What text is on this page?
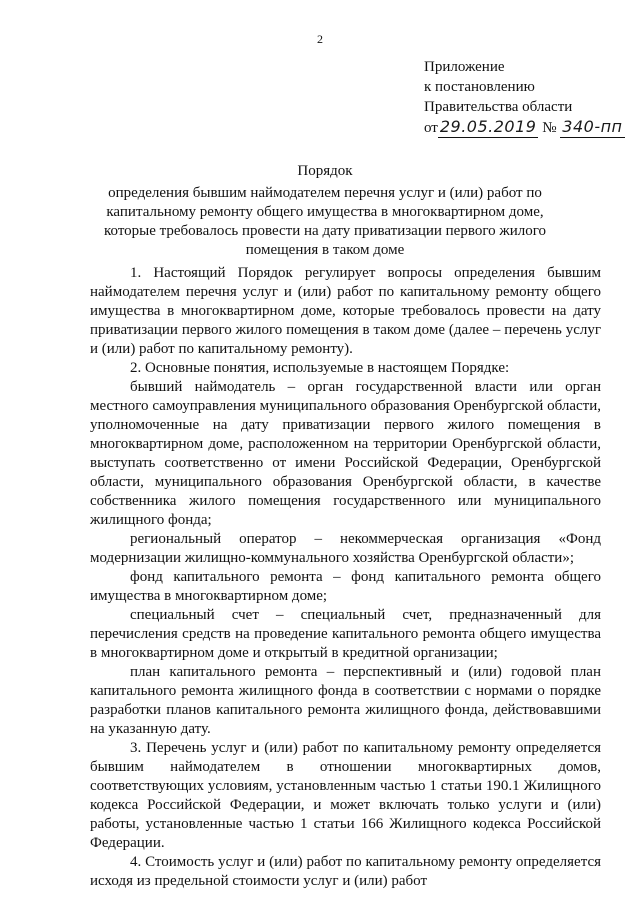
2
Приложение
к постановлению
Правительства области
от 29.05.2019 № 340-пп
Порядок
определения бывшим наймодателем перечня услуг и (или) работ по капитальному ремонту общего имущества в многоквартирном доме, которые требовалось провести на дату приватизации первого жилого помещения в таком доме

1. Настоящий Порядок регулирует вопросы определения бывшим наймодателем перечня услуг и (или) работ по капитальному ремонту общего имущества в многоквартирном доме, которые требовалось провести на дату приватизации первого жилого помещения в таком доме (далее – перечень услуг и (или) работ по капитальному ремонту).

2. Основные понятия, используемые в настоящем Порядке:

бывший наймодатель – орган государственной власти или орган местного самоуправления муниципального образования Оренбургской области, уполномоченные на дату приватизации первого жилого помещения в многоквартирном доме, расположенном на территории Оренбургской области, выступать соответственно от имени Российской Федерации, Оренбургской области, муниципального образования Оренбургской области, в качестве собственника жилого помещения государственного или муниципального жилищного фонда;

региональный оператор – некоммерческая организация «Фонд модернизации жилищно-коммунального хозяйства Оренбургской области»;

фонд капитального ремонта – фонд капитального ремонта общего имущества в многоквартирном доме;

специальный счет – специальный счет, предназначенный для перечисления средств на проведение капитального ремонта общего имущества в многоквартирном доме и открытый в кредитной организации;

план капитального ремонта – перспективный и (или) годовой план капитального ремонта жилищного фонда в соответствии с нормами о порядке разработки планов капитального ремонта жилищного фонда, действовавшими на указанную дату.

3. Перечень услуг и (или) работ по капитальному ремонту определяется бывшим наймодателем в отношении многоквартирных домов, соответствующих условиям, установленным частью 1 статьи 190.1 Жилищного кодекса Российской Федерации, и может включать только услуги и (или) работы, установленные частью 1 статьи 166 Жилищного кодекса Российской Федерации.

4. Стоимость услуг и (или) работ по капитальному ремонту определяется исходя из предельной стоимости услуг и (или) работ
